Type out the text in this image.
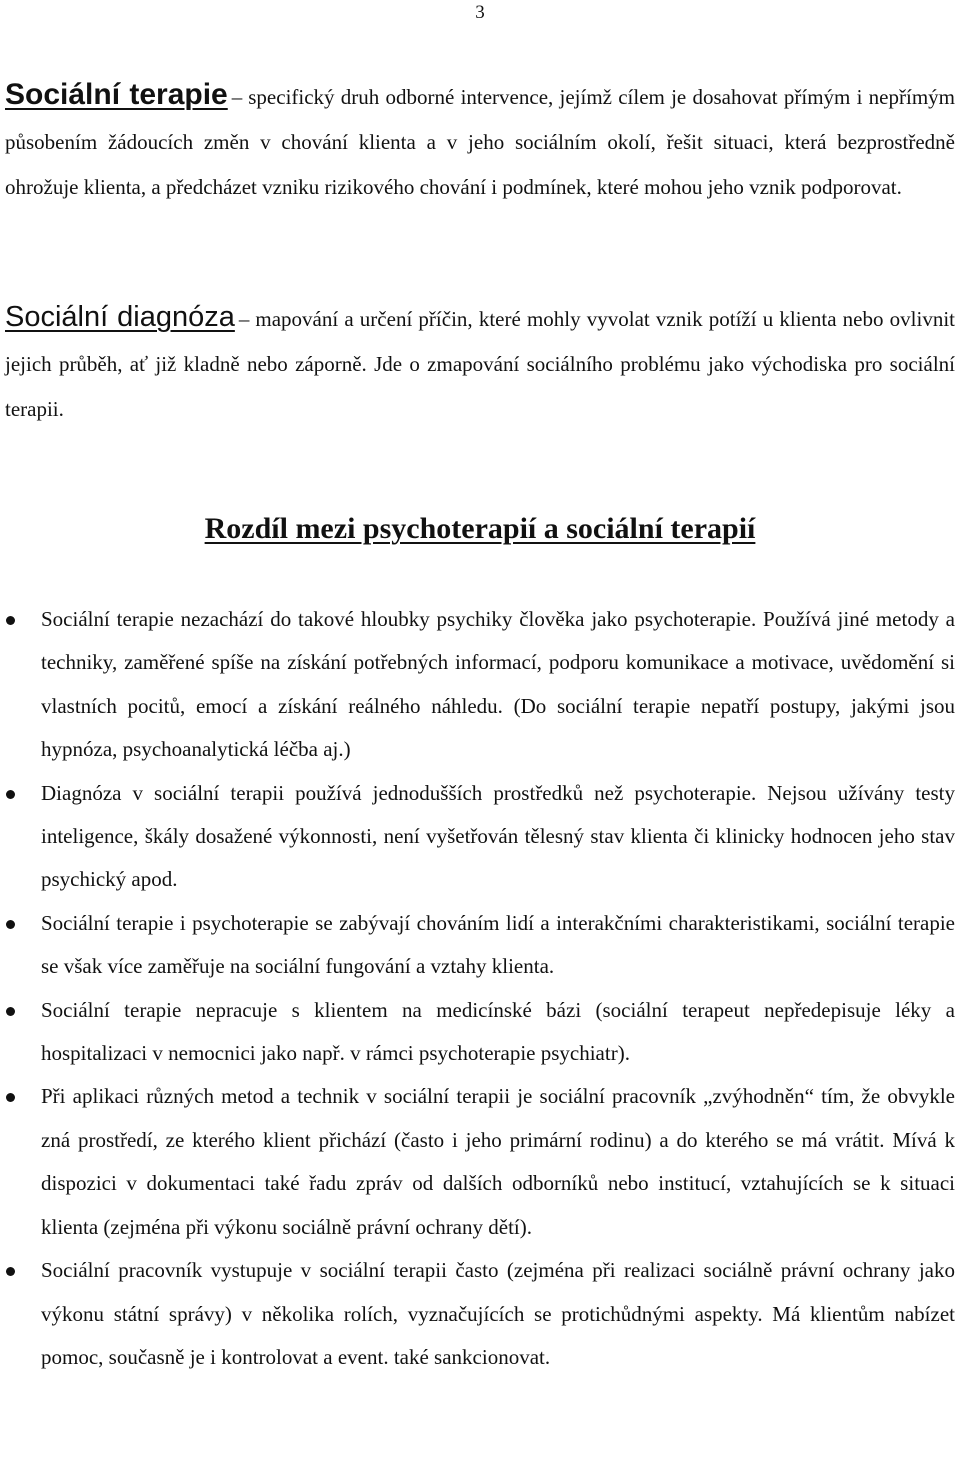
3

Sociální terapie – specifický druh odborné intervence, jejímž cílem je dosahovat přímým i nepřímým působením žádoucích změn v chování klienta a v jeho sociálním okolí, řešit situaci, která bezprostředně ohrožuje klienta, a předcházet vzniku rizikového chování i podmínek, které mohou jeho vznik podporovat.

Sociální diagnóza – mapování a určení příčin, které mohly vyvolat vznik potíží u klienta nebo ovlivnit jejich průběh, ať již kladně nebo záporně. Jde o zmapování sociálního problému jako východiska pro sociální terapii.

Rozdíl mezi psychoterapií a sociální terapií
Sociální terapie nezachází do takové hloubky psychiky člověka jako psychoterapie. Používá jiné metody a techniky, zaměřené spíše na získání potřebných informací, podporu komunikace a motivace, uvědomění si vlastních pocitů, emocí a získání reálného náhledu. (Do sociální terapie nepatří postupy, jakými jsou hypnóza, psychoanalytická léčba aj.)
Diagnóza v sociální terapii používá jednodušších prostředků než psychoterapie. Nejsou užívány testy inteligence, škály dosažené výkonnosti, není vyšetřován tělesný stav klienta či klinicky hodnocen jeho stav psychický apod.
Sociální terapie i psychoterapie se zabývají chováním lidí a interakčními charakteristikami, sociální terapie se však více zaměřuje na sociální fungování a vztahy klienta.
Sociální terapie nepracuje s klientem na medicínské bázi (sociální terapeut nepředepisuje léky a hospitalizaci v nemocnici jako např. v rámci psychoterapie psychiatr).
Při aplikaci různých metod a technik v sociální terapii je sociální pracovník „zvýhodněn“ tím, že obvykle zná prostředí, ze kterého klient přichází (často i jeho primární rodinu) a do kterého se má vrátit. Mívá k dispozici v dokumentaci také řadu zpráv od dalších odborníků nebo institucí, vztahujících se k situaci klienta (zejména při výkonu sociálně právní ochrany dětí).
Sociální pracovník vystupuje v sociální terapii často (zejména při realizaci sociálně právní ochrany jako výkonu státní správy) v několika rolích, vyznačujících se protichůdnými aspekty. Má klientům nabízet pomoc, současně je i kontrolovat a event. také sankcionovat.
